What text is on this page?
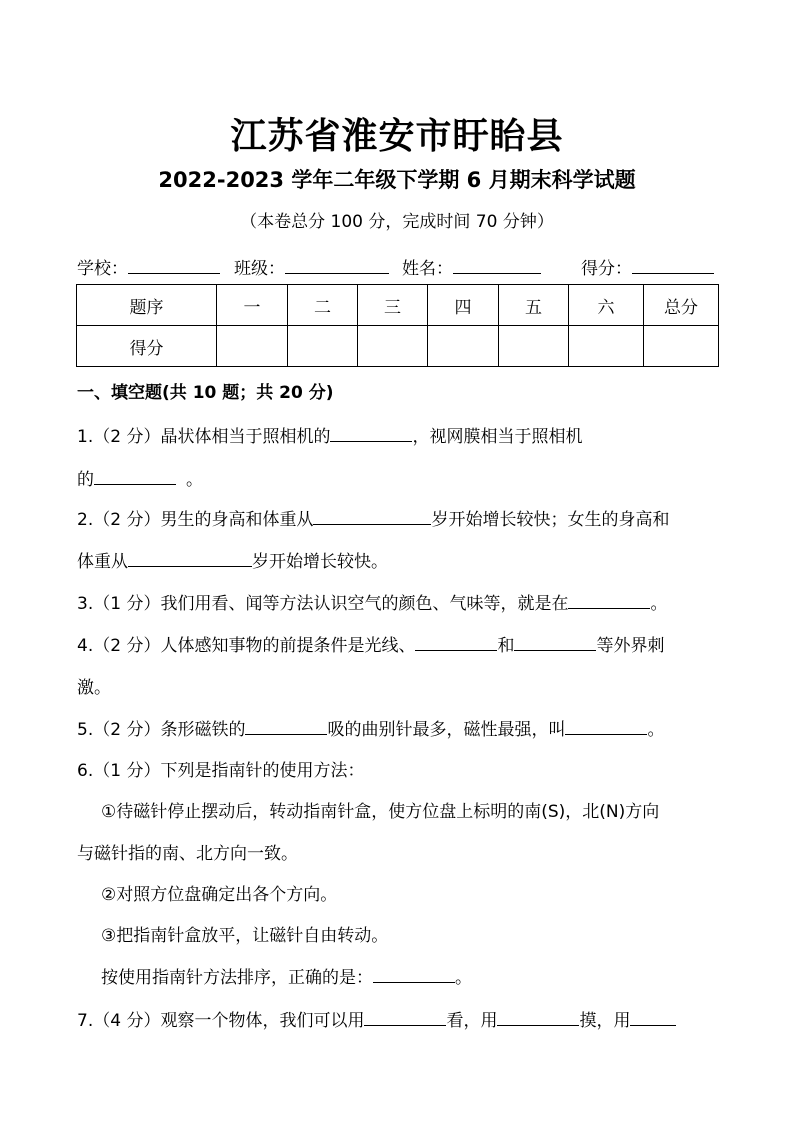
江苏省淮安市盱眙县
2022-2023 学年二年级下学期 6 月期末科学试题
（本卷总分 100 分，完成时间 70 分钟）
学校：	班级：	姓名：	得分：
题序	一	二	三	四	五	六	总分
得分							
一、填空题(共 10 题；共 20 分)
1.（2 分）晶状体相当于照相机的	，视网膜相当于照相机
的	。
2.（2 分）男生的身高和体重从	岁开始增长较快；女生的身高和
体重从	岁开始增长较快。
3.（1 分）我们用看、闻等方法认识空气的颜色、气味等，就是在	。
4.（2 分）人体感知事物的前提条件是光线、	和	等外界刺
激。
5.（2 分）条形磁铁的	吸的曲别针最多，磁性最强，叫	。
6.（1 分）下列是指南针的使用方法：
①待磁针停止摆动后，转动指南针盒，使方位盘上标明的南(S)，北(N)方向
与磁针指的南、北方向一致。
②对照方位盘确定出各个方向。
③把指南针盒放平，让磁针自由转动。
按使用指南针方法排序，正确的是：	。
7.（4 分）观察一个物体，我们可以用	看，用	摸，用
